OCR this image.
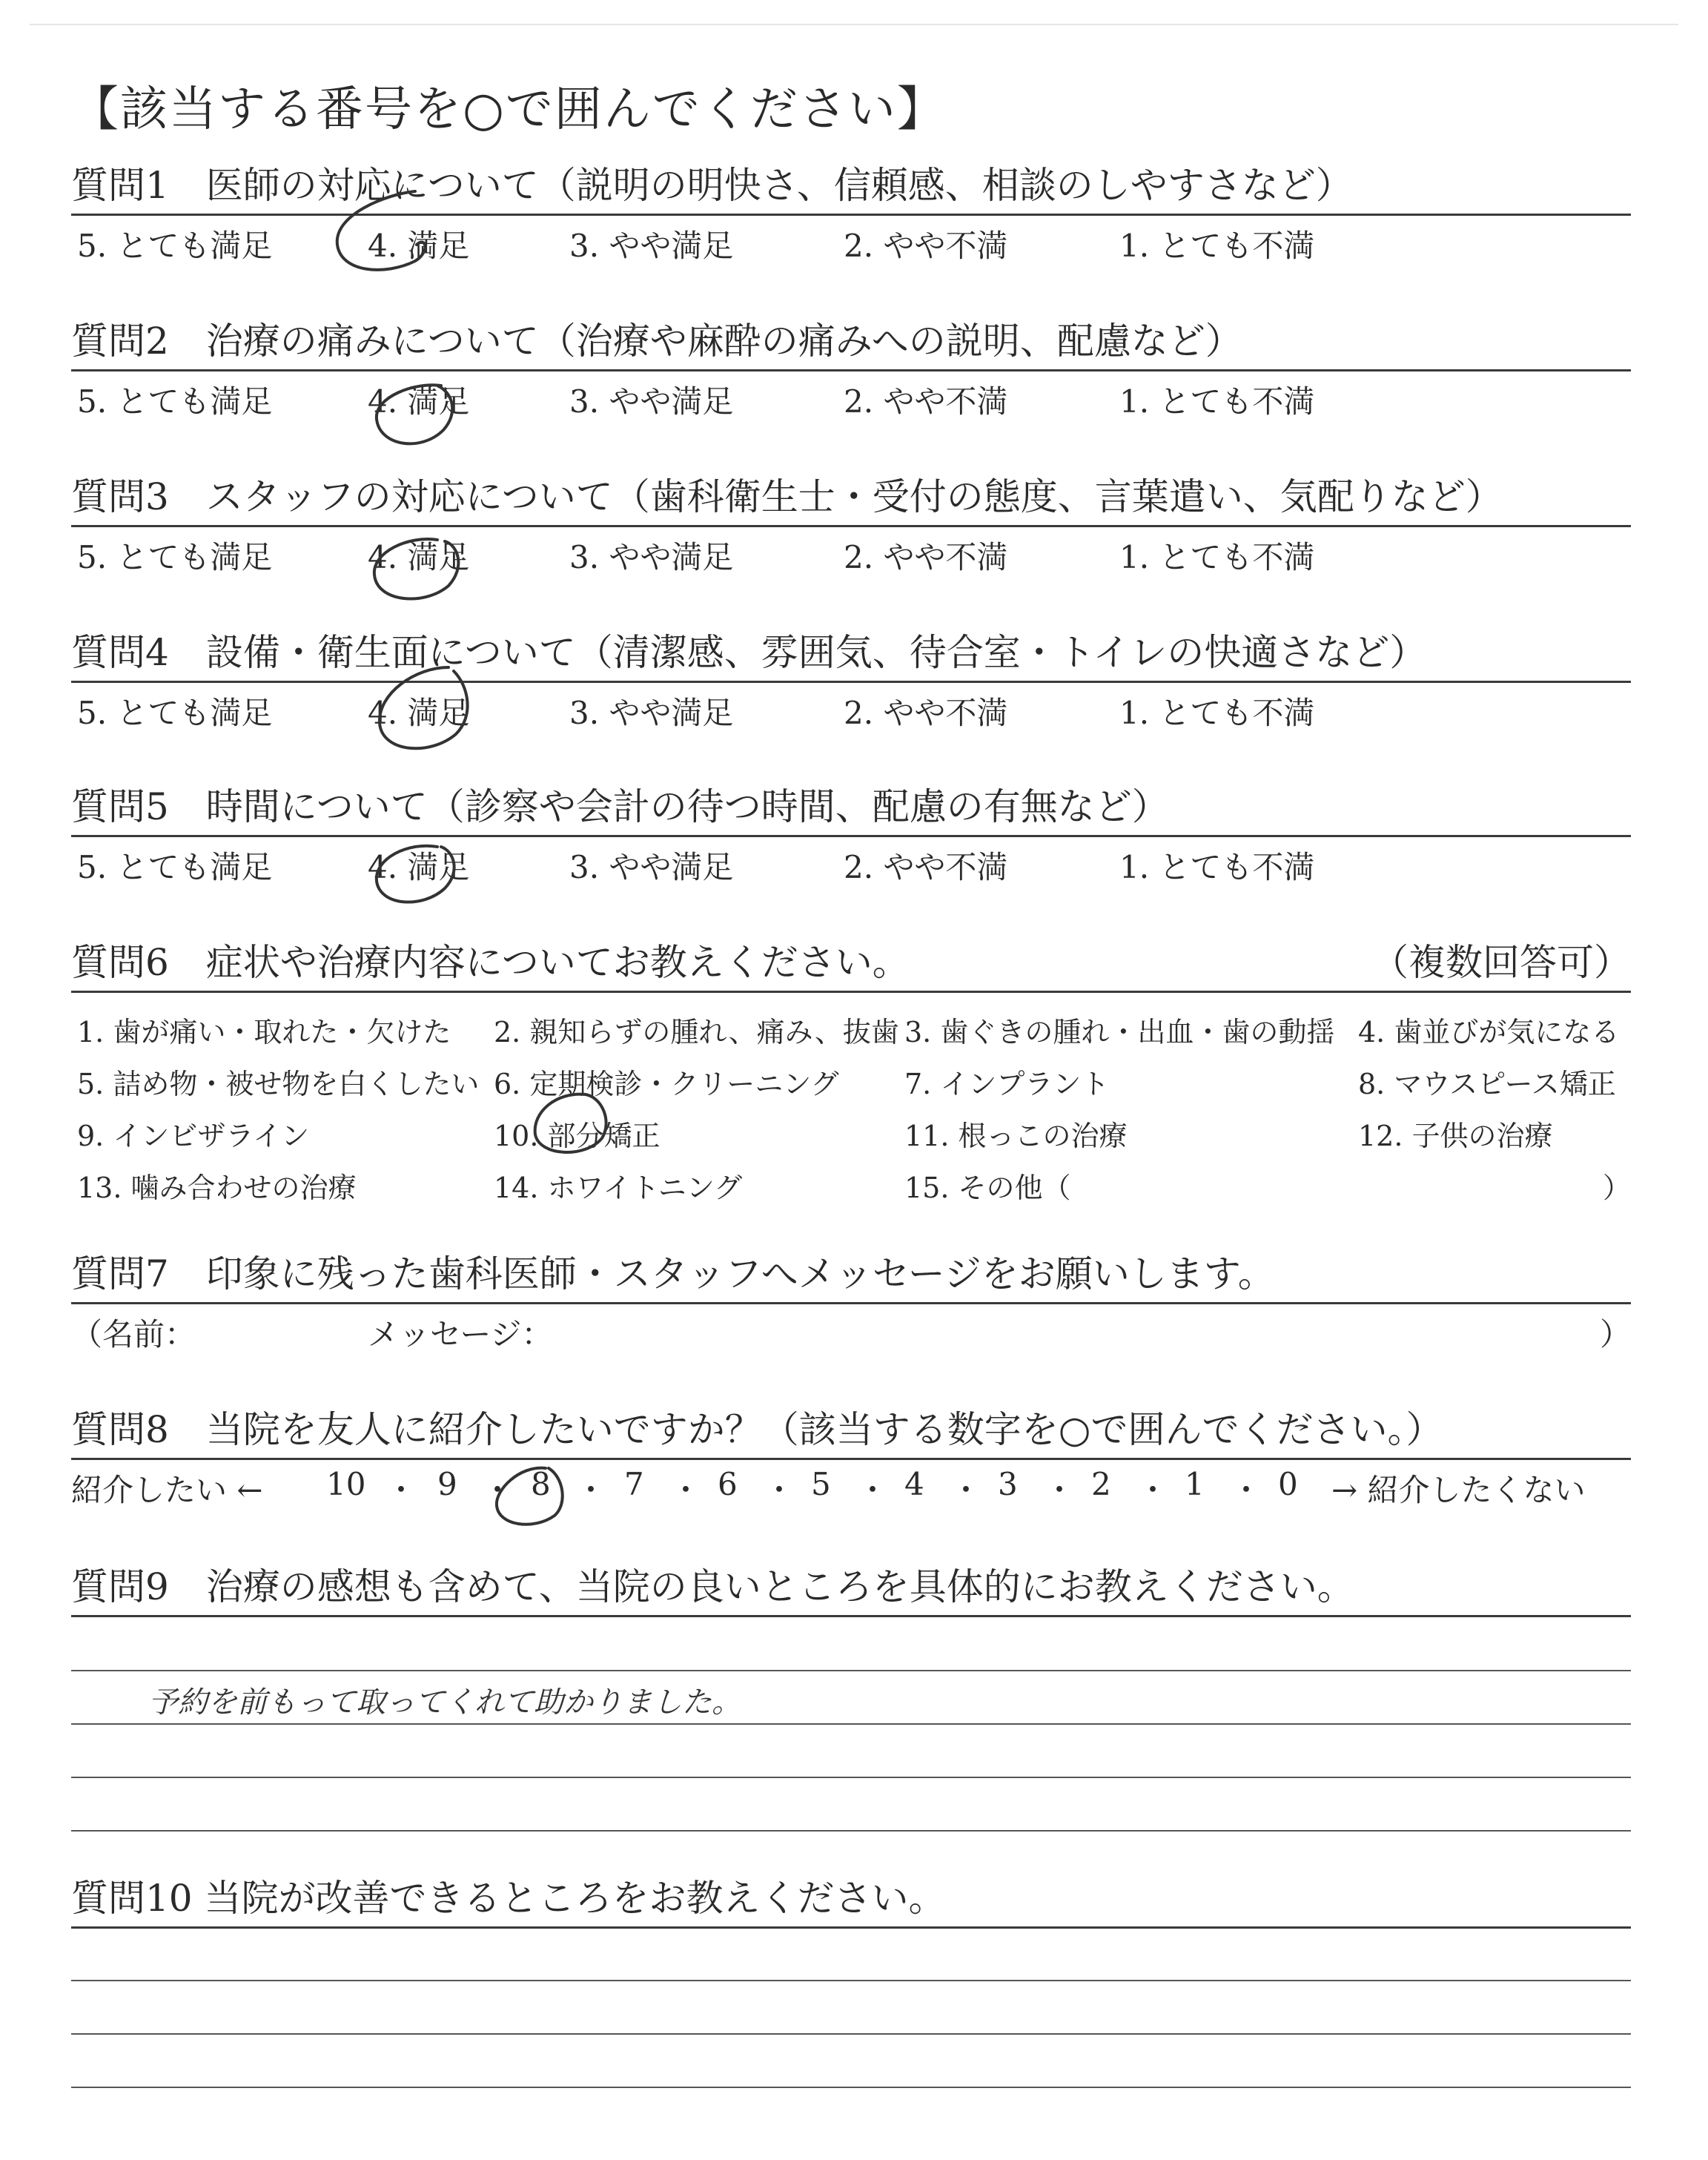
【該当する番号を○で囲んでください】
質問1　医師の対応について（説明の明快さ、信頼感、相談のしやすさなど）
5. とても満足	4. 満足	3. やや満足	2. やや不満	1. とても不満
質問2　治療の痛みについて（治療や麻酔の痛みへの説明、配慮など）
5. とても満足	4. 満足	3. やや満足	2. やや不満	1. とても不満
質問3　スタッフの対応について（歯科衛生士・受付の態度、言葉遣い、気配りなど）
5. とても満足	4. 満足	3. やや満足	2. やや不満	1. とても不満
質問4　設備・衛生面について（清潔感、雰囲気、待合室・トイレの快適さなど）
5. とても満足	4. 満足	3. やや満足	2. やや不満	1. とても不満
質問5　時間について（診察や会計の待つ時間、配慮の有無など）
5. とても満足	4. 満足	3. やや満足	2. やや不満	1. とても不満
質問6　症状や治療内容についてお教えください。	（複数回答可）
1. 歯が痛い・取れた・欠けた 2. 親知らずの腫れ、痛み、抜歯 3. 歯ぐきの腫れ・出血・歯の動揺 4. 歯並びが気になる
5. 詰め物・被せ物を白くしたい 6. 定期検診・クリーニング 7. インプラント	8. マウスピース矯正
9. インビザライン	10. 部分矯正	11. 根っこの治療	12. 子供の治療
13. 噛み合わせの治療	14. ホワイトニング	15. その他（	）
質問7　印象に残った歯科医師・スタッフへメッセージをお願いします。
（名前：	メッセージ：	）
質問8　当院を友人に紹介したいですか？（該当する数字を○で囲んでください。）
紹介したい ← 10 ・ 9 ・ 8 ・ 7 ・ 6 ・ 5 ・ 4 ・ 3 ・ 2 ・ 1 ・ 0 → 紹介したくない
質問9　治療の感想も含めて、当院の良いところを具体的にお教えください。
予約を前もって取ってくれて助かりました。
質問10 当院が改善できるところをお教えください。
